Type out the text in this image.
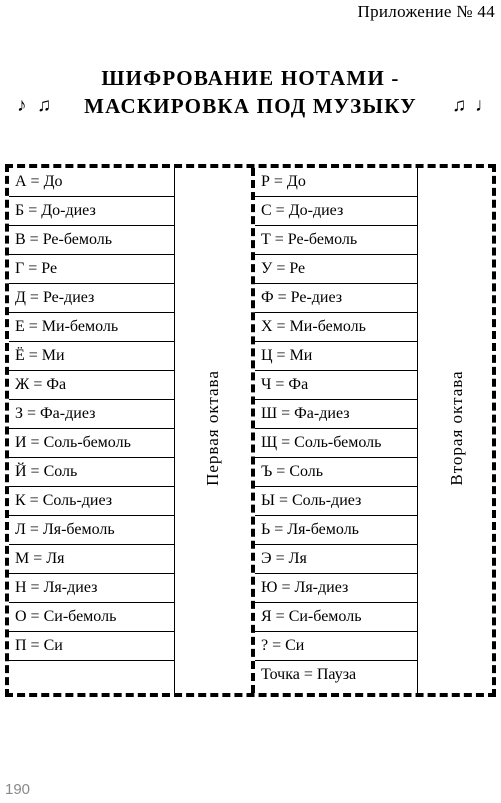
Приложение № 44
ШИФРОВАНИЕ НОТАМИ -
МАСКИРОВКА ПОД МУЗЫКУ
♪ ♫	♫ ♩
А = До
Б = До-диез
В = Ре-бемоль
Г = Ре
Д = Ре-диез
Е = Ми-бемоль
Ё = Ми
Ж = Фа
З = Фа-диез
И = Соль-бемоль
Й = Соль
К = Соль-диез
Л = Ля-бемоль
М = Ля
Н = Ля-диез
О = Си-бемоль
П = Си
Р = До
С = До-диез
Т = Ре-бемоль
У = Ре
Ф = Ре-диез
Х = Ми-бемоль
Ц = Ми
Ч = Фа
Ш = Фа-диез
Щ = Соль-бемоль
Ъ = Соль
Ы = Соль-диез
Ь = Ля-бемоль
Э = Ля
Ю = Ля-диез
Я = Си-бемоль
? = Си
Точка = Пауза
Первая октава	Вторая октава
190
